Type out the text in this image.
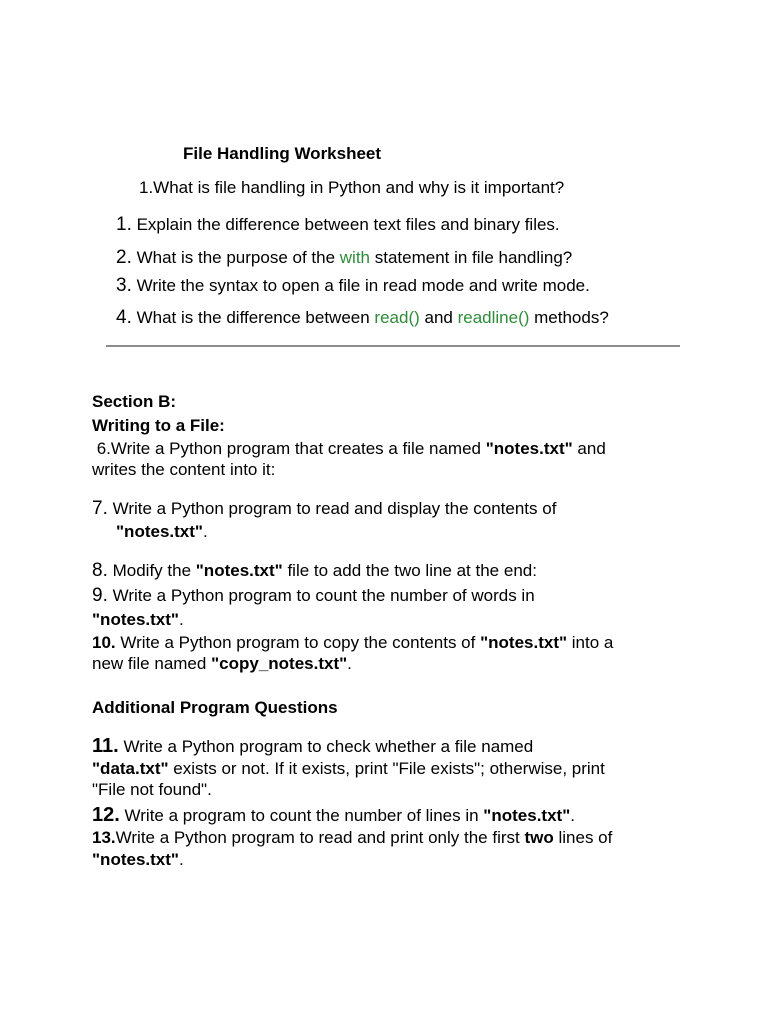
File Handling Worksheet
1.What is file handling in Python and why is it important?
1. Explain the difference between text files and binary files.
2. What is the purpose of the with statement in file handling?
3. Write the syntax to open a file in read mode and write mode.
4. What is the difference between read() and readline() methods?
Section B:
Writing to a File:
6.Write a Python program that creates a file named "notes.txt" and
writes the content into it:
7. Write a Python program to read and display the contents of
"notes.txt".
8. Modify the "notes.txt" file to add the two line at the end:
9. Write a Python program to count the number of words in
"notes.txt".
10. Write a Python program to copy the contents of "notes.txt" into a
new file named "copy_notes.txt".
Additional Program Questions
11. Write a Python program to check whether a file named
"data.txt" exists or not. If it exists, print "File exists"; otherwise, print
"File not found".
12. Write a program to count the number of lines in "notes.txt".
13.Write a Python program to read and print only the first two lines of
"notes.txt".
